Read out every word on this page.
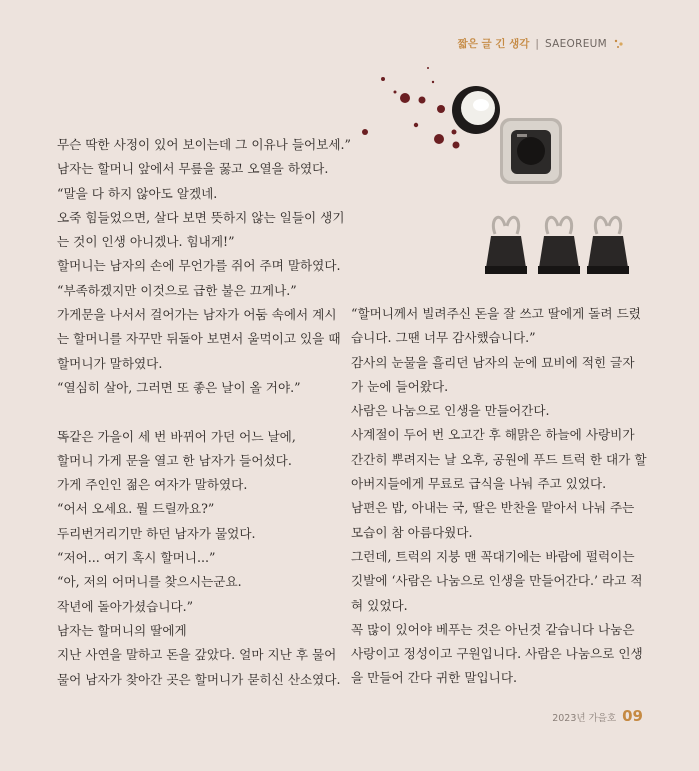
짧은 글 긴 생각 | SAEOREUM

무슨 딱한 사정이 있어 보이는데 그 이유나 들어보세.”

남자는 할머니 앞에서 무릎을 꿇고 오열을 하였다.

“말을 다 하지 않아도 알겠네.

오죽 힘들었으면, 살다 보면 뜻하지 않는 일들이 생기

는 것이 인생 아니겠나. 힘내게!”

할머니는 남자의 손에 무언가를 쥐어 주며 말하였다.

“부족하겠지만 이것으로 급한 불은 끄게나.”

가게문을 나서서 걸어가는 남자가 어둠 속에서 계시

는 할머니를 자꾸만 뒤돌아 보면서 울먹이고 있을 때

할머니가 말하였다.

“열심히 살아, 그러면 또 좋은 날이 올 거야.”

똑같은 가을이 세 번 바뀌어 가던 어느 날에,

할머니 가게 문을 열고 한 남자가 들어섰다.

가게 주인인 젊은 여자가 말하였다.

“어서 오세요. 뭘 드릴까요?”

두리번거리기만 하던 남자가 물었다.

“저어... 여기 혹시 할머니...”

“아, 저의 어머니를 찾으시는군요.

작년에 돌아가셨습니다.”

남자는 할머니의 딸에게

지난 사연을 말하고 돈을 갚았다. 얼마 지난 후 물어

물어 남자가 찾아간 곳은 할머니가 묻히신 산소였다.

“할머니께서 빌려주신 돈을 잘 쓰고 딸에게 돌려 드렸

습니다. 그땐 너무 감사했습니다.”

감사의 눈물을 흘리던 남자의 눈에 묘비에 적힌 글자

가 눈에 들어왔다.

사람은 나눔으로 인생을 만들어간다.

사계절이 두어 번 오고간 후 해맑은 하늘에 사랑비가

간간히 뿌려지는 날 오후, 공원에 푸드 트럭 한 대가 할

아버지들에게 무료로 급식을 나눠 주고 있었다.

남편은 밥, 아내는 국, 딸은 반찬을 맡아서 나눠 주는

모습이 참 아름다웠다.

그런데, 트럭의 지붕 맨 꼭대기에는 바람에 펄럭이는

깃발에 ‘사람은 나눔으로 인생을 만들어간다.’ 라고 적

혀 있었다.

꼭 많이 있어야 베푸는 것은 아닌것 같습니다 나눔은

사랑이고 정성이고 구원입니다. 사람은 나눔으로 인생

을 만들어 간다 귀한 말입니다.

2023년 가을호 09
